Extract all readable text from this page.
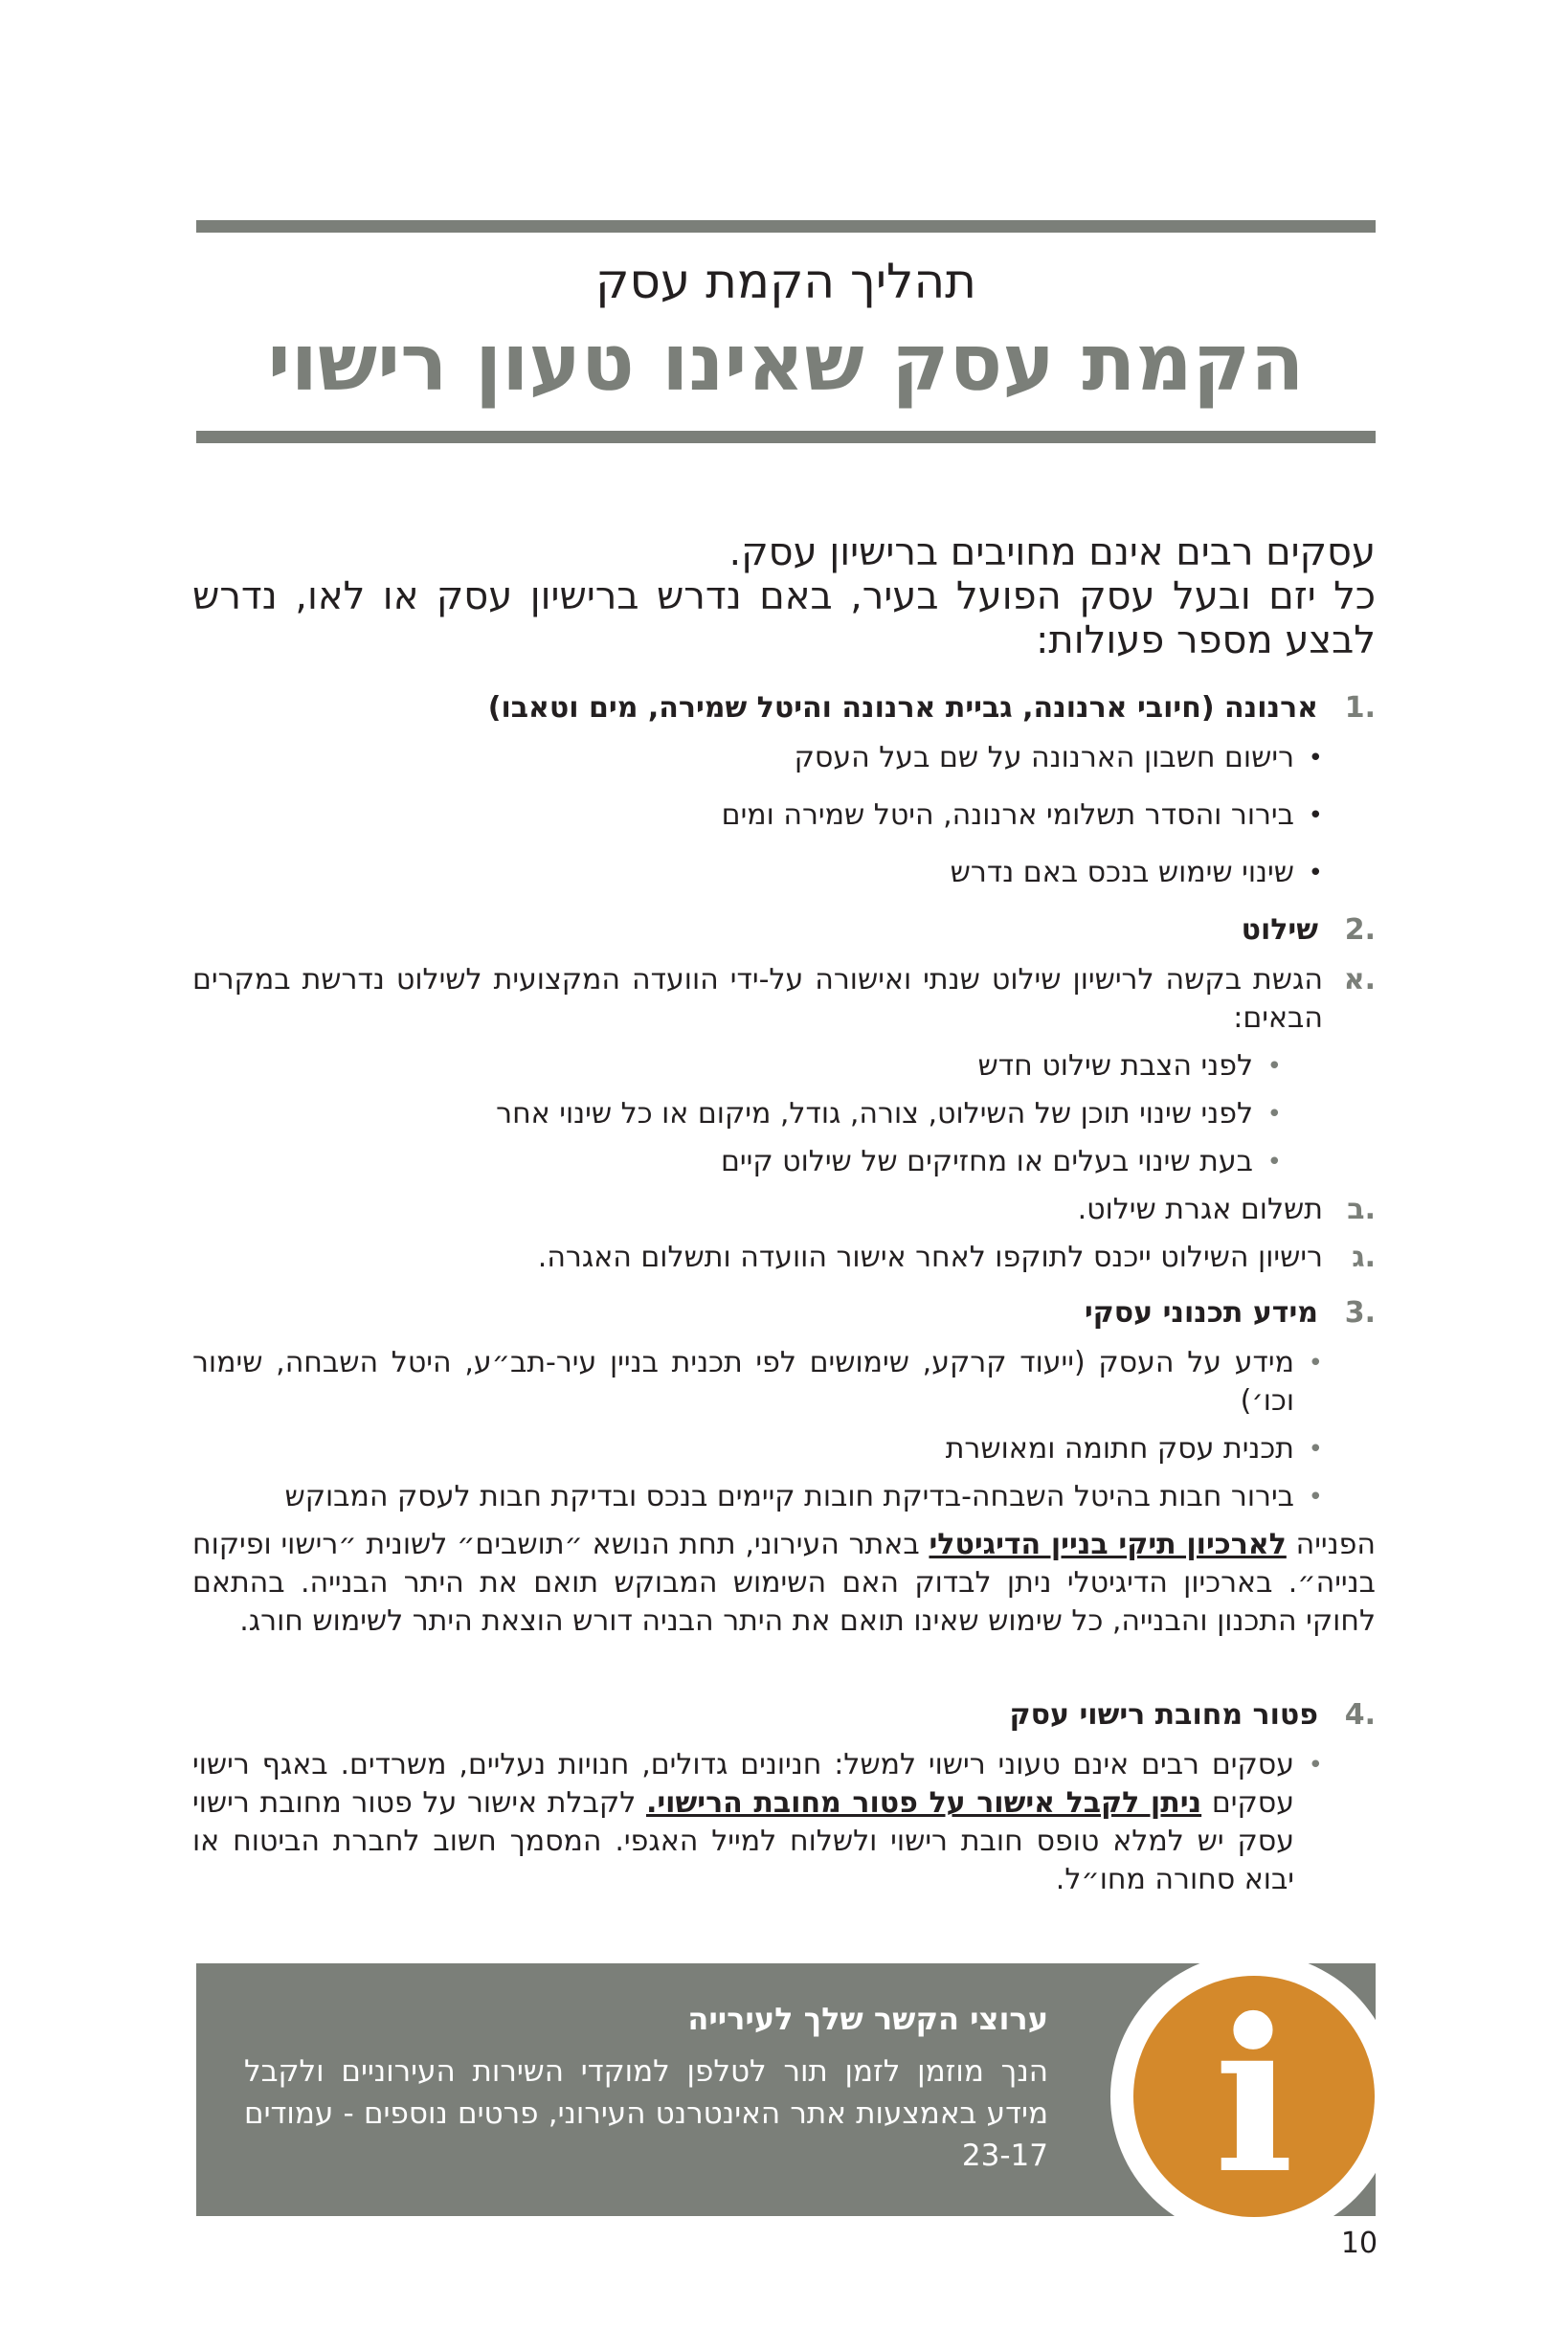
תהליך הקמת עסק
הקמת עסק שאינו טעון רישוי
עסקים רבים אינם מחויבים ברישיון עסק.
כל יזם ובעל עסק הפועל בעיר, באם נדרש ברישיון עסק או לאו, נדרש לבצע מספר פעולות:
.1
ארנונה (חיובי ארנונה, גביית ארנונה והיטל שמירה, מים וטאבו)
•
רישום חשבון הארנונה על שם בעל העסק
•
בירור והסדר תשלומי ארנונה, היטל שמירה ומים
•
שינוי שימוש בנכס באם נדרש
.2
שילוט
.א
הגשת בקשה לרישיון שילוט שנתי ואישורה על-ידי הוועדה המקצועית לשילוט נדרשת במקרים הבאים:
•
לפני הצבת שילוט חדש
•
לפני שינוי תוכן של השילוט, צורה, גודל, מיקום או כל שינוי אחר
•
בעת שינוי בעלים או מחזיקים של שילוט קיים
.ב
תשלום אגרת שילוט.
.ג
רישיון השילוט ייכנס לתוקפו לאחר אישור הוועדה ותשלום האגרה.
.3
מידע תכנוני עסקי
•
מידע על העסק (ייעוד קרקע, שימושים לפי תכנית בניין עיר-תב״ע, היטל השבחה, שימור וכו׳)
•
תכנית עסק חתומה ומאושרת
•
בירור חבות בהיטל השבחה-בדיקת חובות קיימים בנכס ובדיקת חבות לעסק המבוקש
הפנייה לארכיון תיקי בניין הדיגיטלי באתר העירוני, תחת הנושא ״תושבים״ לשונית ״רישוי ופיקוח בנייה״. בארכיון הדיגיטלי ניתן לבדוק האם השימוש המבוקש תואם את היתר הבנייה. בהתאם לחוקי התכנון והבנייה, כל שימוש שאינו תואם את היתר הבניה דורש הוצאת היתר לשימוש חורג.
.4
פטור מחובת רישוי עסק
•
עסקים רבים אינם טעוני רישוי למשל: חניונים גדולים, חנויות נעליים, משרדים. באגף רישוי עסקים ניתן לקבל אישור על פטור מחובת הרישוי. לקבלת אישור על פטור מחובת רישוי עסק יש למלא טופס חובת רישוי ולשלוח למייל האגפי. המסמך חשוב לחברת הביטוח או יבוא סחורה מחו״ל.
ערוצי הקשר שלך לעירייה
הנך מוזמן לזמן תור לטלפן למוקדי השירות העירוניים ולקבל מידע באמצעות אתר האינטרנט העירוני, פרטים נוספים - עמודים 23-17 i
10
